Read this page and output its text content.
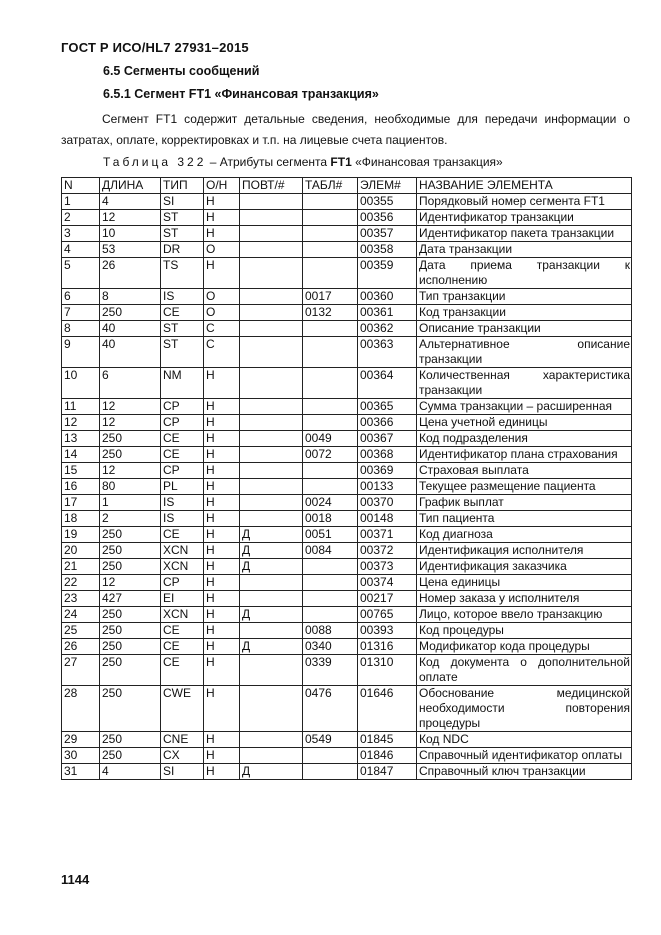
ГОСТ Р ИСО/HL7 27931–2015
6.5 Сегменты сообщений
6.5.1 Сегмент FT1 «Финансовая транзакция»
Сегмент FT1 содержит детальные сведения, необходимые для передачи информации о затратах, оплате, корректировках и т.п. на лицевые счета пациентов.
Таблица 322 – Атрибуты сегмента FT1 «Финансовая транзакция»
N	ДЛИНА	ТИП	О/Н	ПОВТ/#	ТАБЛ#	ЭЛЕМ#	НАЗВАНИЕ ЭЛЕМЕНТА
1	4	SI	Н			00355	Порядковый номер сегмента FT1
2	12	ST	Н			00356	Идентификатор транзакции
3	10	ST	Н			00357	Идентификатор пакета транзакции
4	53	DR	О			00358	Дата транзакции
5	26	TS	Н			00359	Дата приема транзакции к исполнению
6	8	IS	О		0017	00360	Тип транзакции
7	250	CE	О		0132	00361	Код транзакции
8	40	ST	С			00362	Описание транзакции
9	40	ST	С			00363	Альтернативное описание транзакции
10	6	NM	Н			00364	Количественная характеристика транзакции
11	12	CP	Н			00365	Сумма транзакции – расширенная
12	12	CP	Н			00366	Цена учетной единицы
13	250	CE	Н		0049	00367	Код подразделения
14	250	CE	Н		0072	00368	Идентификатор плана страхования
15	12	CP	Н			00369	Страховая выплата
16	80	PL	Н			00133	Текущее размещение пациента
17	1	IS	Н		0024	00370	График выплат
18	2	IS	Н		0018	00148	Тип пациента
19	250	CE	Н	Д	0051	00371	Код диагноза
20	250	XCN	Н	Д	0084	00372	Идентификация исполнителя
21	250	XCN	Н	Д		00373	Идентификация заказчика
22	12	CP	Н			00374	Цена единицы
23	427	EI	Н			00217	Номер заказа у исполнителя
24	250	XCN	Н	Д		00765	Лицо, которое ввело транзакцию
25	250	CE	Н		0088	00393	Код процедуры
26	250	CE	Н	Д	0340	01316	Модификатор кода процедуры
27	250	CE	Н		0339	01310	Код документа о дополнительной оплате
28	250	CWE	Н		0476	01646	Обоснование медицинской необходимости повторения процедуры
29	250	CNE	Н		0549	01845	Код NDC
30	250	CX	Н			01846	Справочный идентификатор оплаты
31	4	SI	Н	Д		01847	Справочный ключ транзакции
1144
